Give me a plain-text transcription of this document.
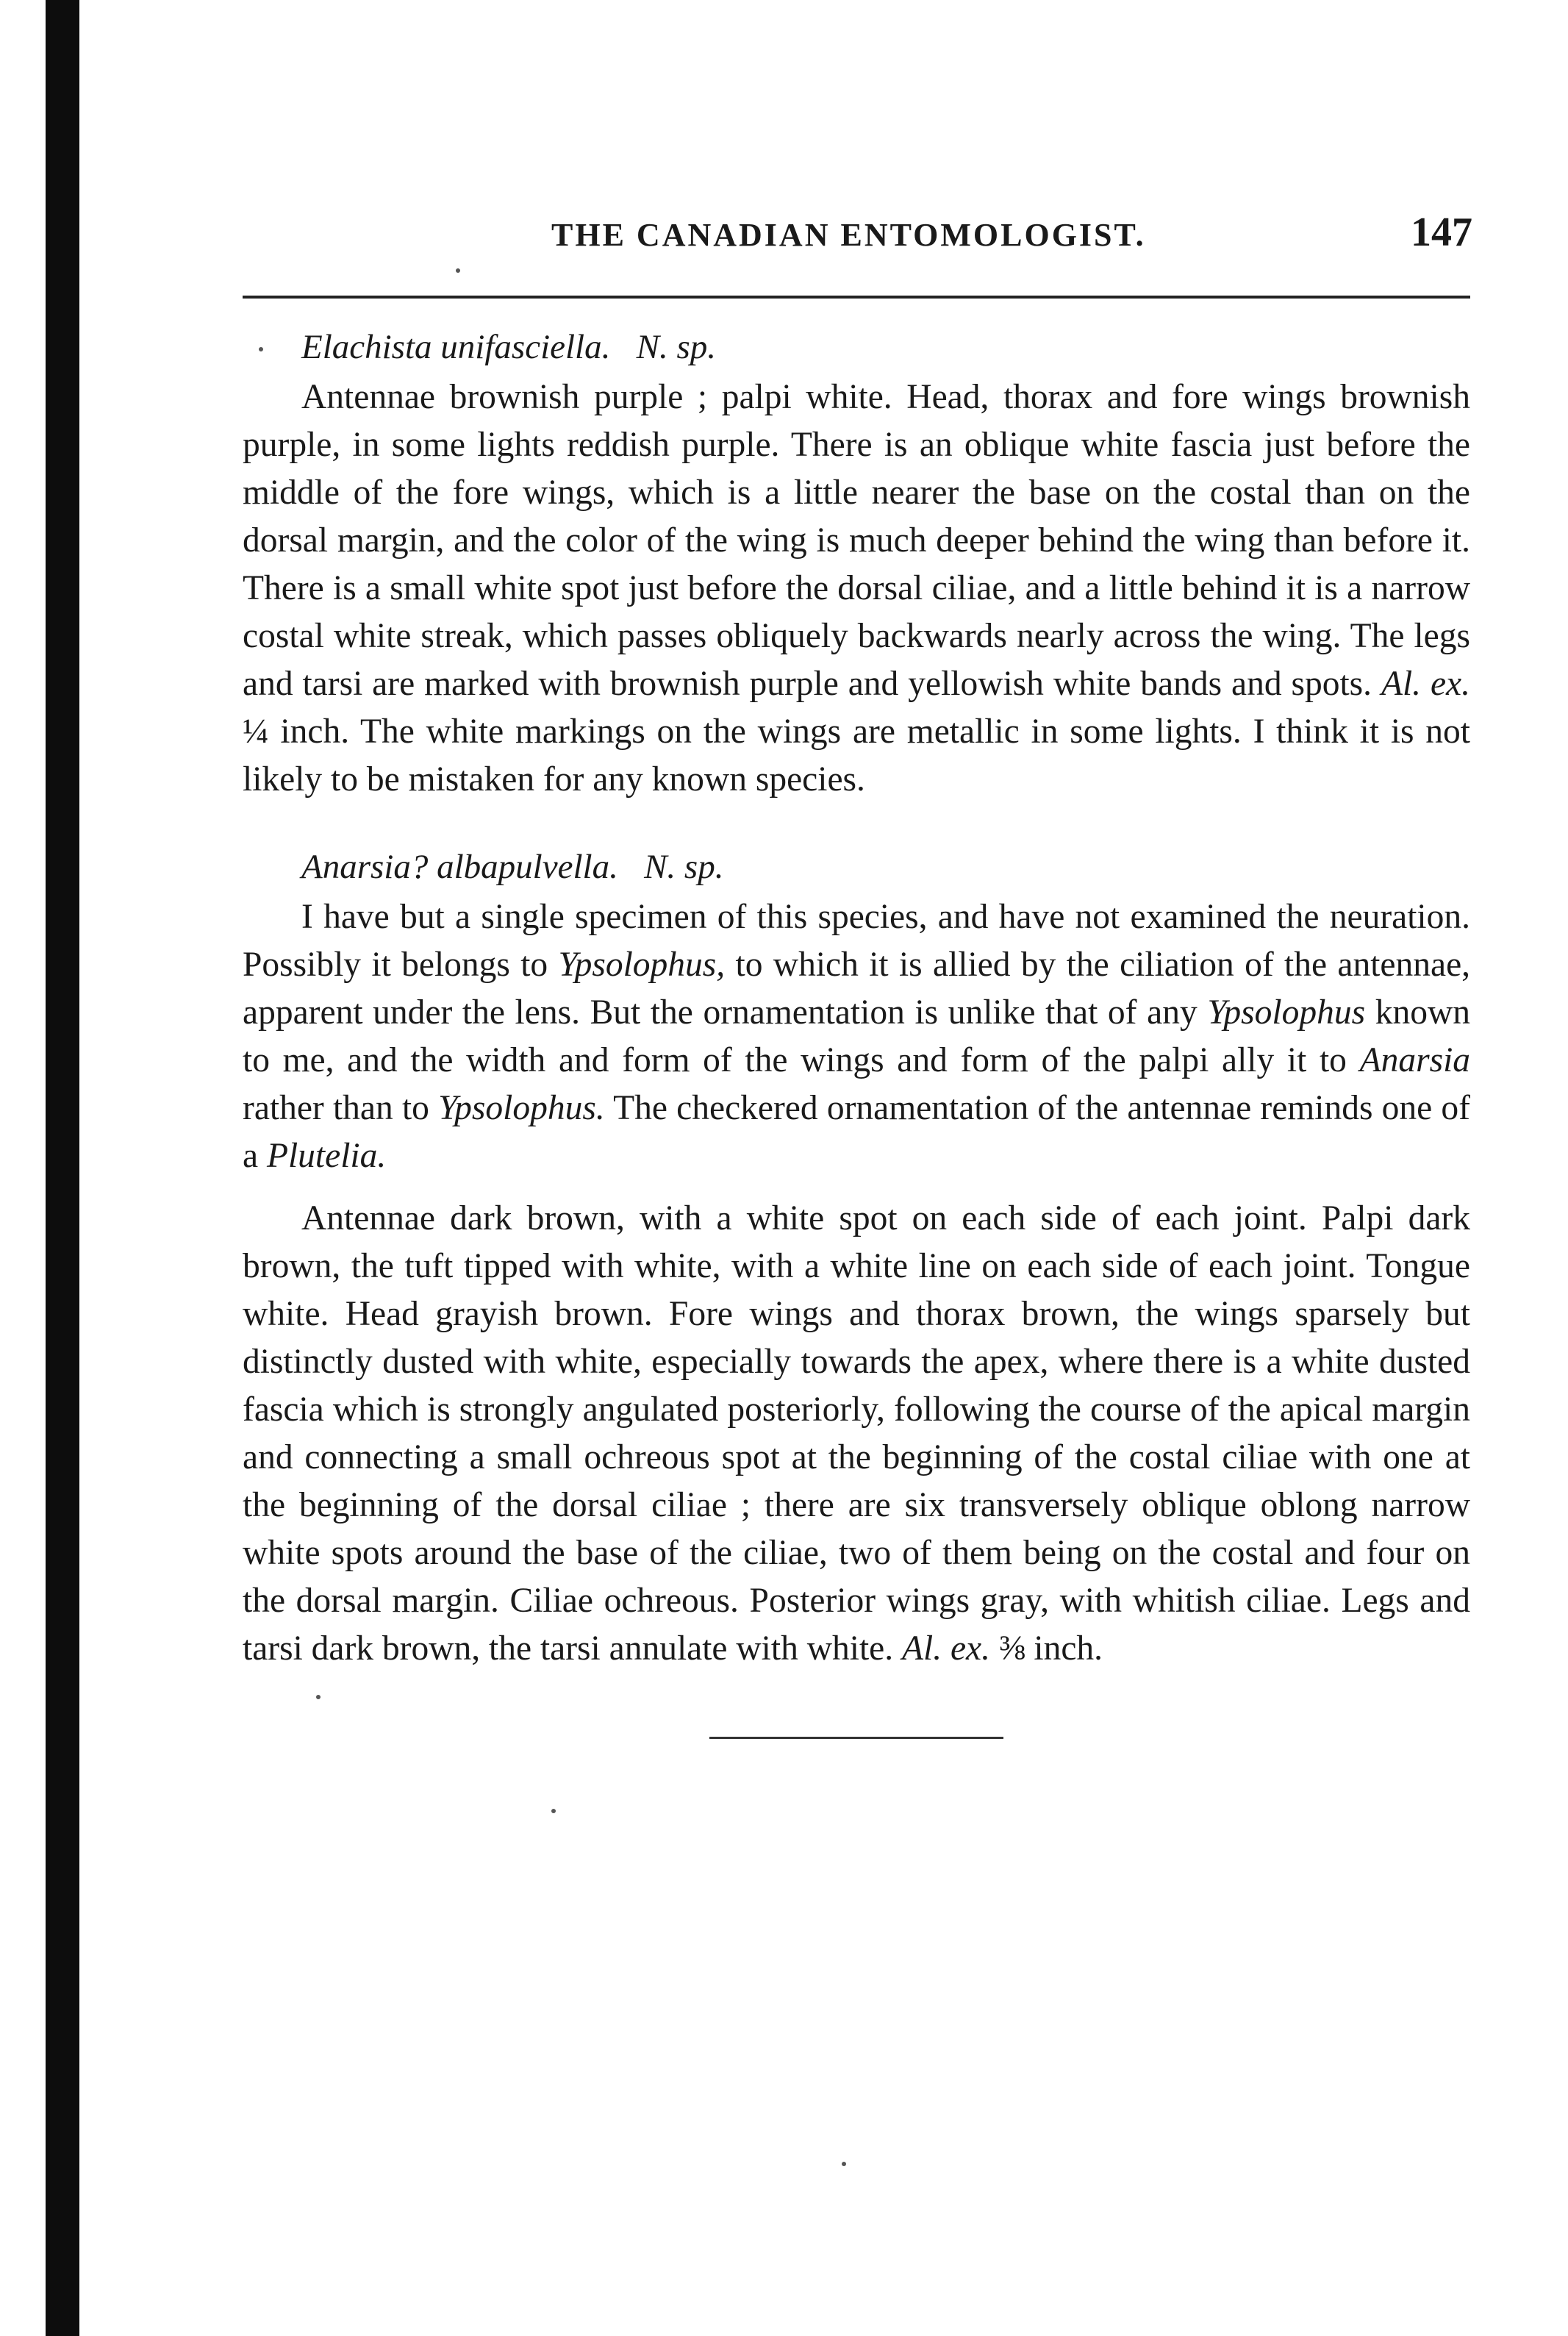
THE CANADIAN ENTOMOLOGIST.	147
Elachista unifasciella. N. sp.

Antennae brownish purple ; palpi white. Head, thorax and fore wings brownish purple, in some lights reddish purple. There is an oblique white fascia just before the middle of the fore wings, which is a little nearer the base on the costal than on the dorsal margin, and the color of the wing is much deeper behind the wing than before it. There is a small white spot just before the dorsal ciliae, and a little behind it is a narrow costal white streak, which passes obliquely backwards nearly across the wing. The legs and tarsi are marked with brownish purple and yellowish white bands and spots. Al. ex. ¼ inch. The white markings on the wings are metallic in some lights. I think it is not likely to be mistaken for any known species.

Anarsia? albapulvella. N. sp.

I have but a single specimen of this species, and have not examined the neuration. Possibly it belongs to Ypsolophus, to which it is allied by the ciliation of the antennae, apparent under the lens. But the ornamentation is unlike that of any Ypsolophus known to me, and the width and form of the wings and form of the palpi ally it to Anarsia rather than to Ypsolophus. The checkered ornamentation of the antennae reminds one of a Plutelia.

Antennae dark brown, with a white spot on each side of each joint. Palpi dark brown, the tuft tipped with white, with a white line on each side of each joint. Tongue white. Head grayish brown. Fore wings and thorax brown, the wings sparsely but distinctly dusted with white, especially towards the apex, where there is a white dusted fascia which is strongly angulated posteriorly, following the course of the apical margin and connecting a small ochreous spot at the beginning of the costal ciliae with one at the beginning of the dorsal ciliae ; there are six transversely oblique oblong narrow white spots around the base of the ciliae, two of them being on the costal and four on the dorsal margin. Ciliae ochreous. Posterior wings gray, with whitish ciliae. Legs and tarsi dark brown, the tarsi annulate with white. Al. ex. ⅜ inch.
